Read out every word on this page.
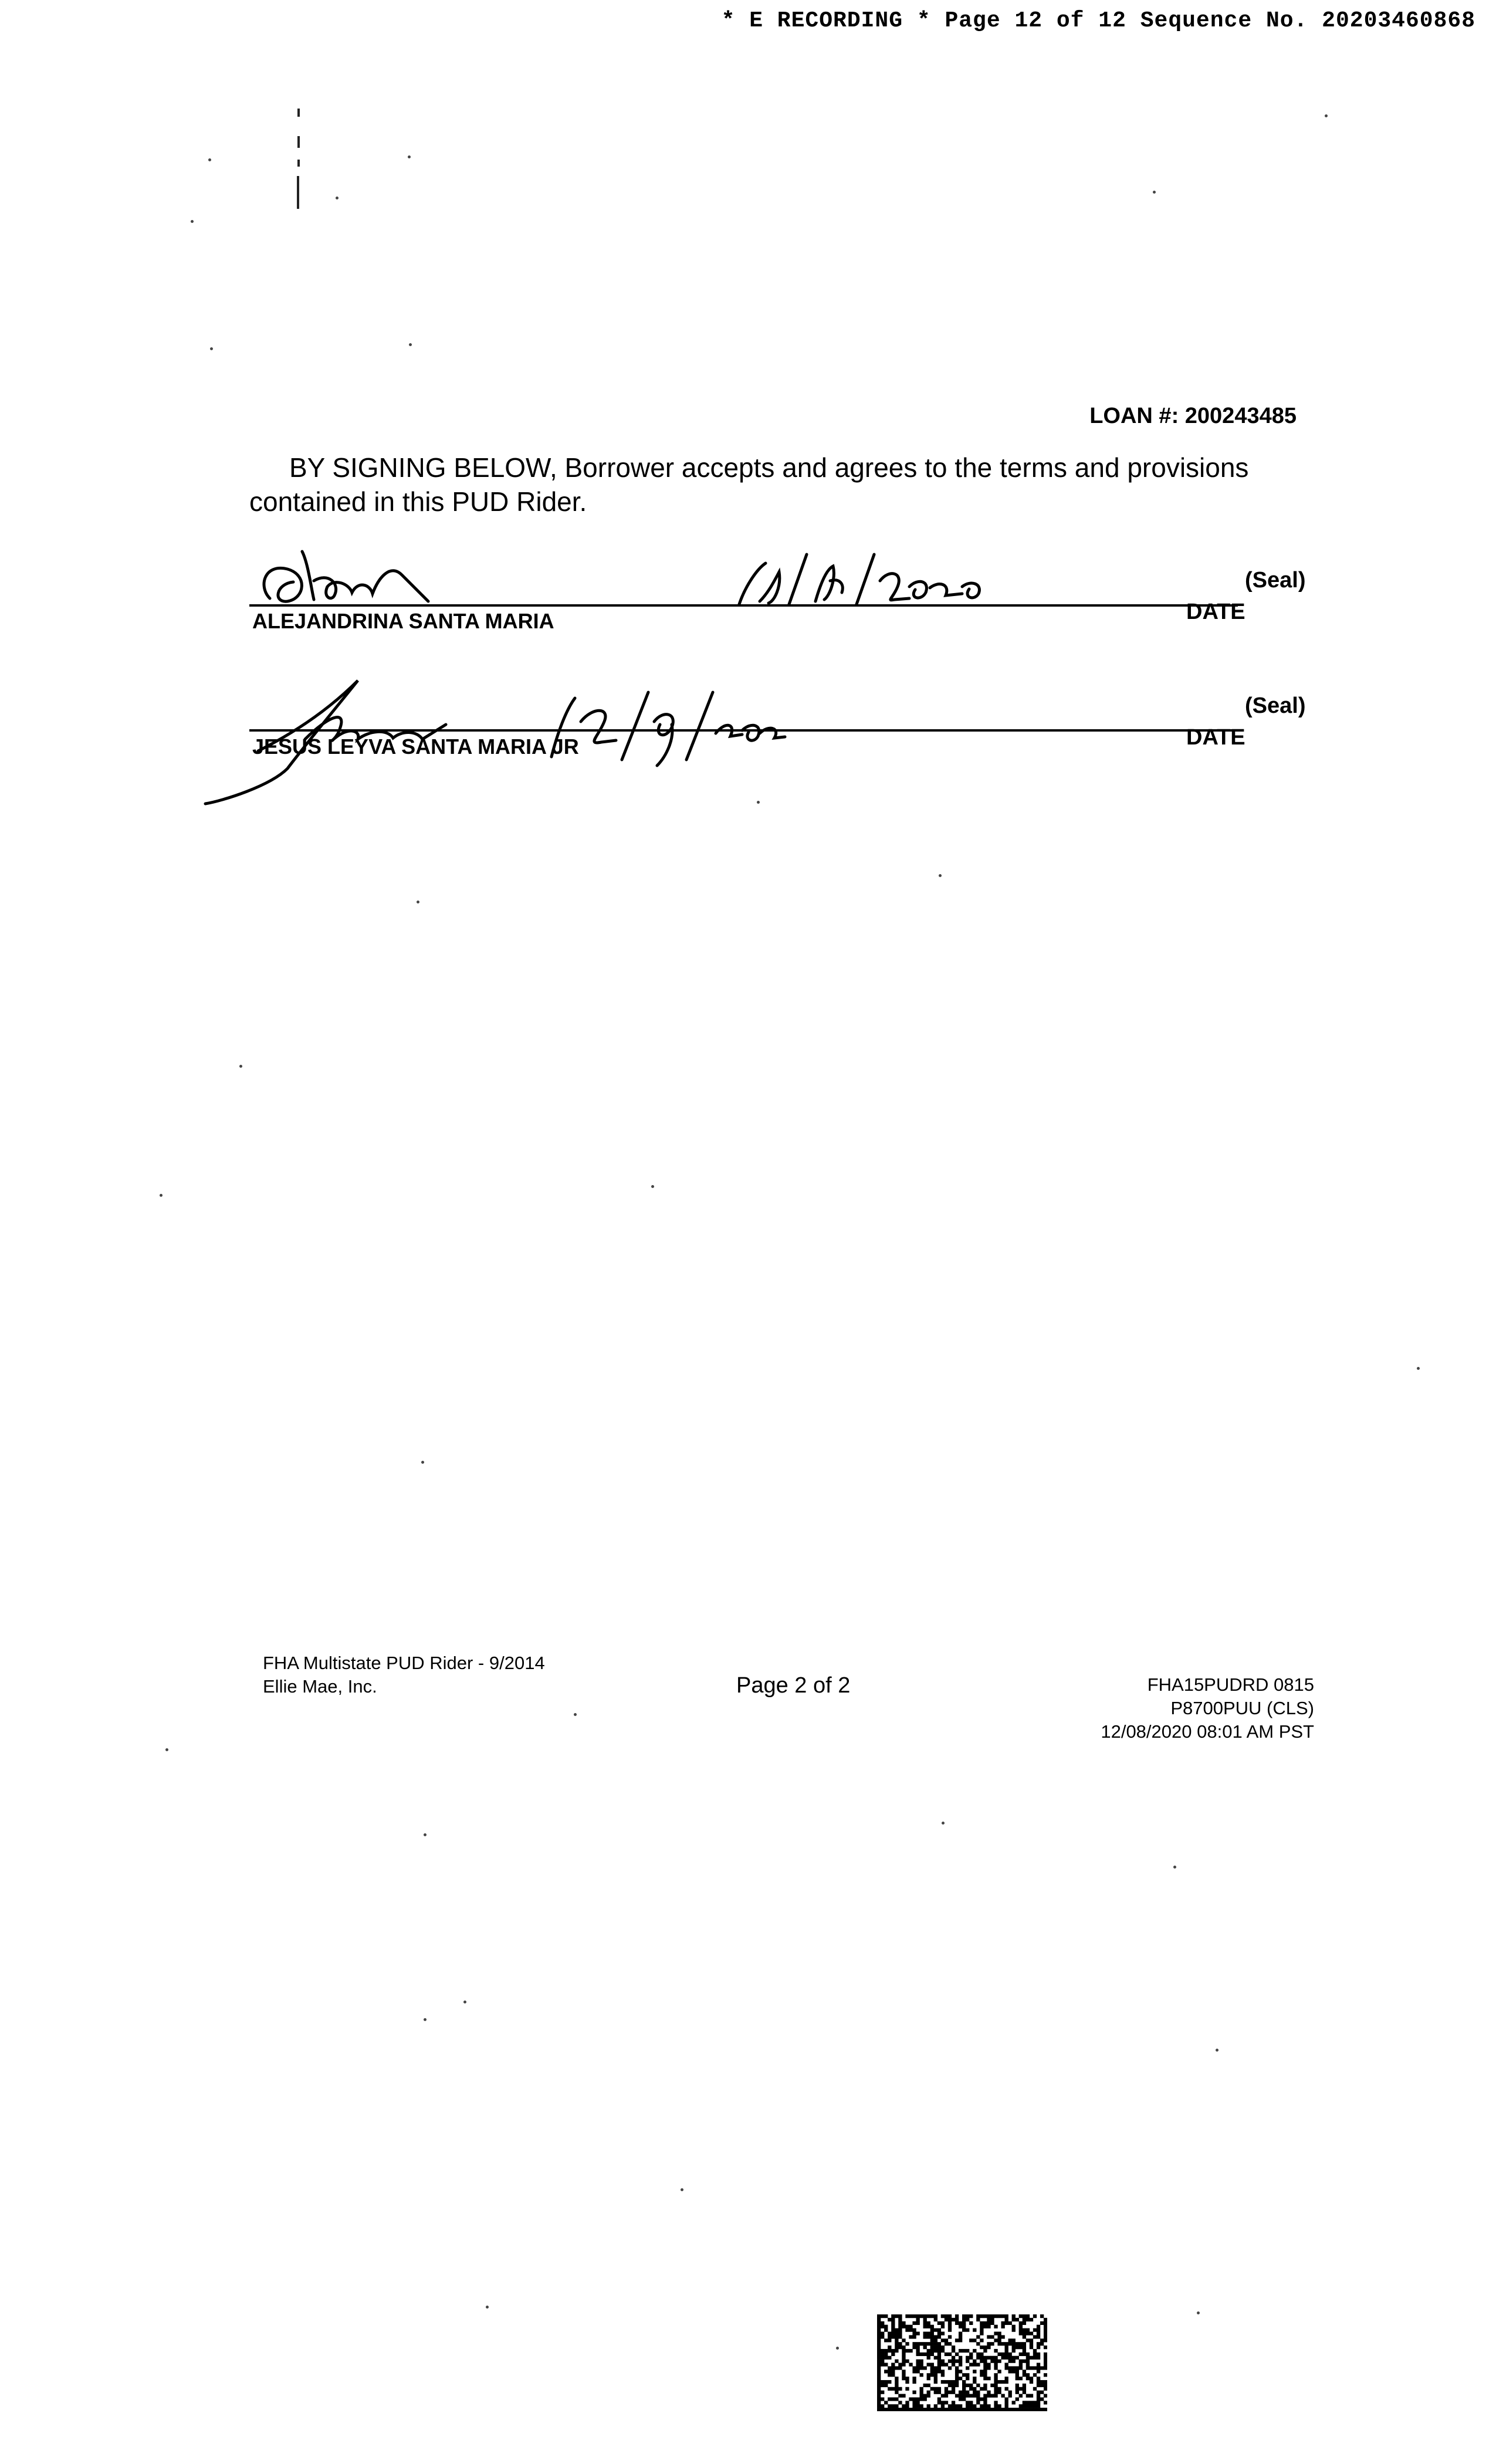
* E RECORDING * Page 12 of 12 Sequence No. 20203460868
LOAN #: 200243485
BY SIGNING BELOW, Borrower accepts and agrees to the terms and provisions contained in this PUD Rider.
(Seal)
ALEJANDRINA SANTA MARIA	DATE
(Seal)
JESUS LEYVA SANTA MARIA JR	DATE
FHA Multistate PUD Rider - 9/2014
Ellie Mae, Inc.	Page 2 of 2	FHA15PUDRD 0815
P8700PUU (CLS)
12/08/2020 08:01 AM PST
